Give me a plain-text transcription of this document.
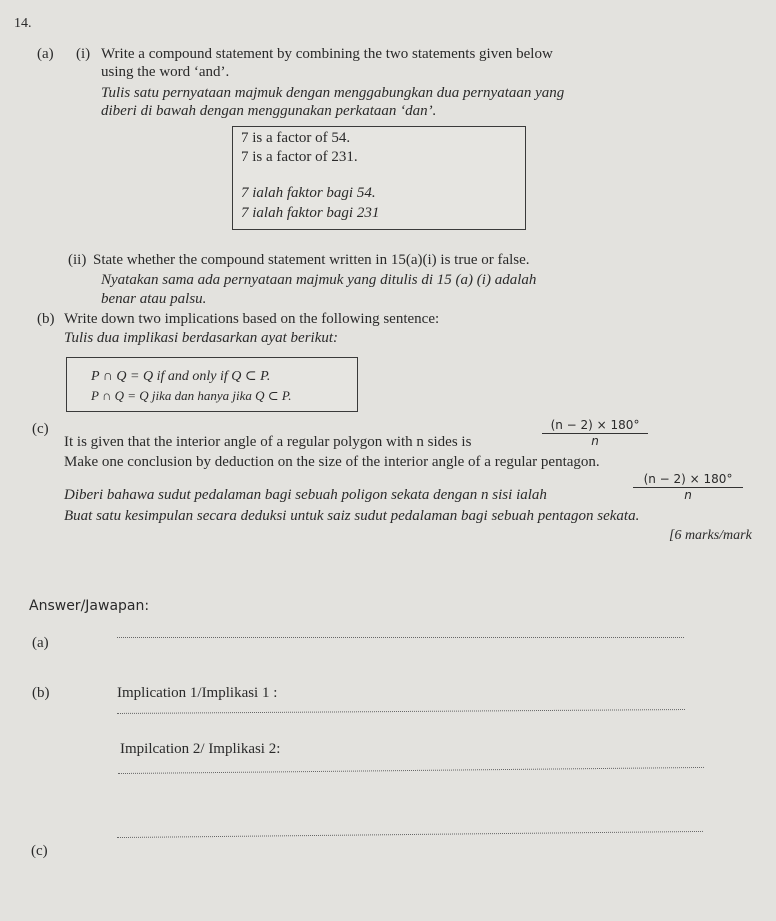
14.
(a) (i) Write a compound statement by combining the two statements given below
using the word ‘and’.
Tulis satu pernyataan majmuk dengan menggabungkan dua pernyataan yang
diberi di bawah dengan menggunakan perkataan ‘dan’.
7 is a factor of 54.
7 is a factor of 231.
7 ialah faktor bagi 54.
7 ialah faktor bagi 231
(ii) State whether the compound statement written in 15(a)(i) is true or false.
Nyatakan sama ada pernyataan majmuk yang ditulis di 15 (a) (i) adalah
benar atau palsu.
(b) Write down two implications based on the following sentence:
Tulis dua implikasi berdasarkan ayat berikut:
P ∩ Q = Q if and only if Q ⊂ P.
P ∩ Q = Q jika dan hanya jika Q ⊂ P.
(c)
It is given that the interior angle of a regular polygon with n sides is	$\frac{(n - 2) \times 180^\circ}{n}$
Make one conclusion by deduction on the size of the interior angle of a regular pentagon.
Diberi bahawa sudut pedalaman bagi sebuah poligon sekata dengan n sisi ialah	$\frac{(n - 2) \times 180^\circ}{n}$
Buat satu kesimpulan secara deduksi untuk saiz sudut pedalaman bagi sebuah pentagon sekata.
[6 marks/mark
Answer/Jawapan:
(a)
(b)	Implication 1/Implikasi 1 :
Impilcation 2/ Implikasi 2:
(c)
